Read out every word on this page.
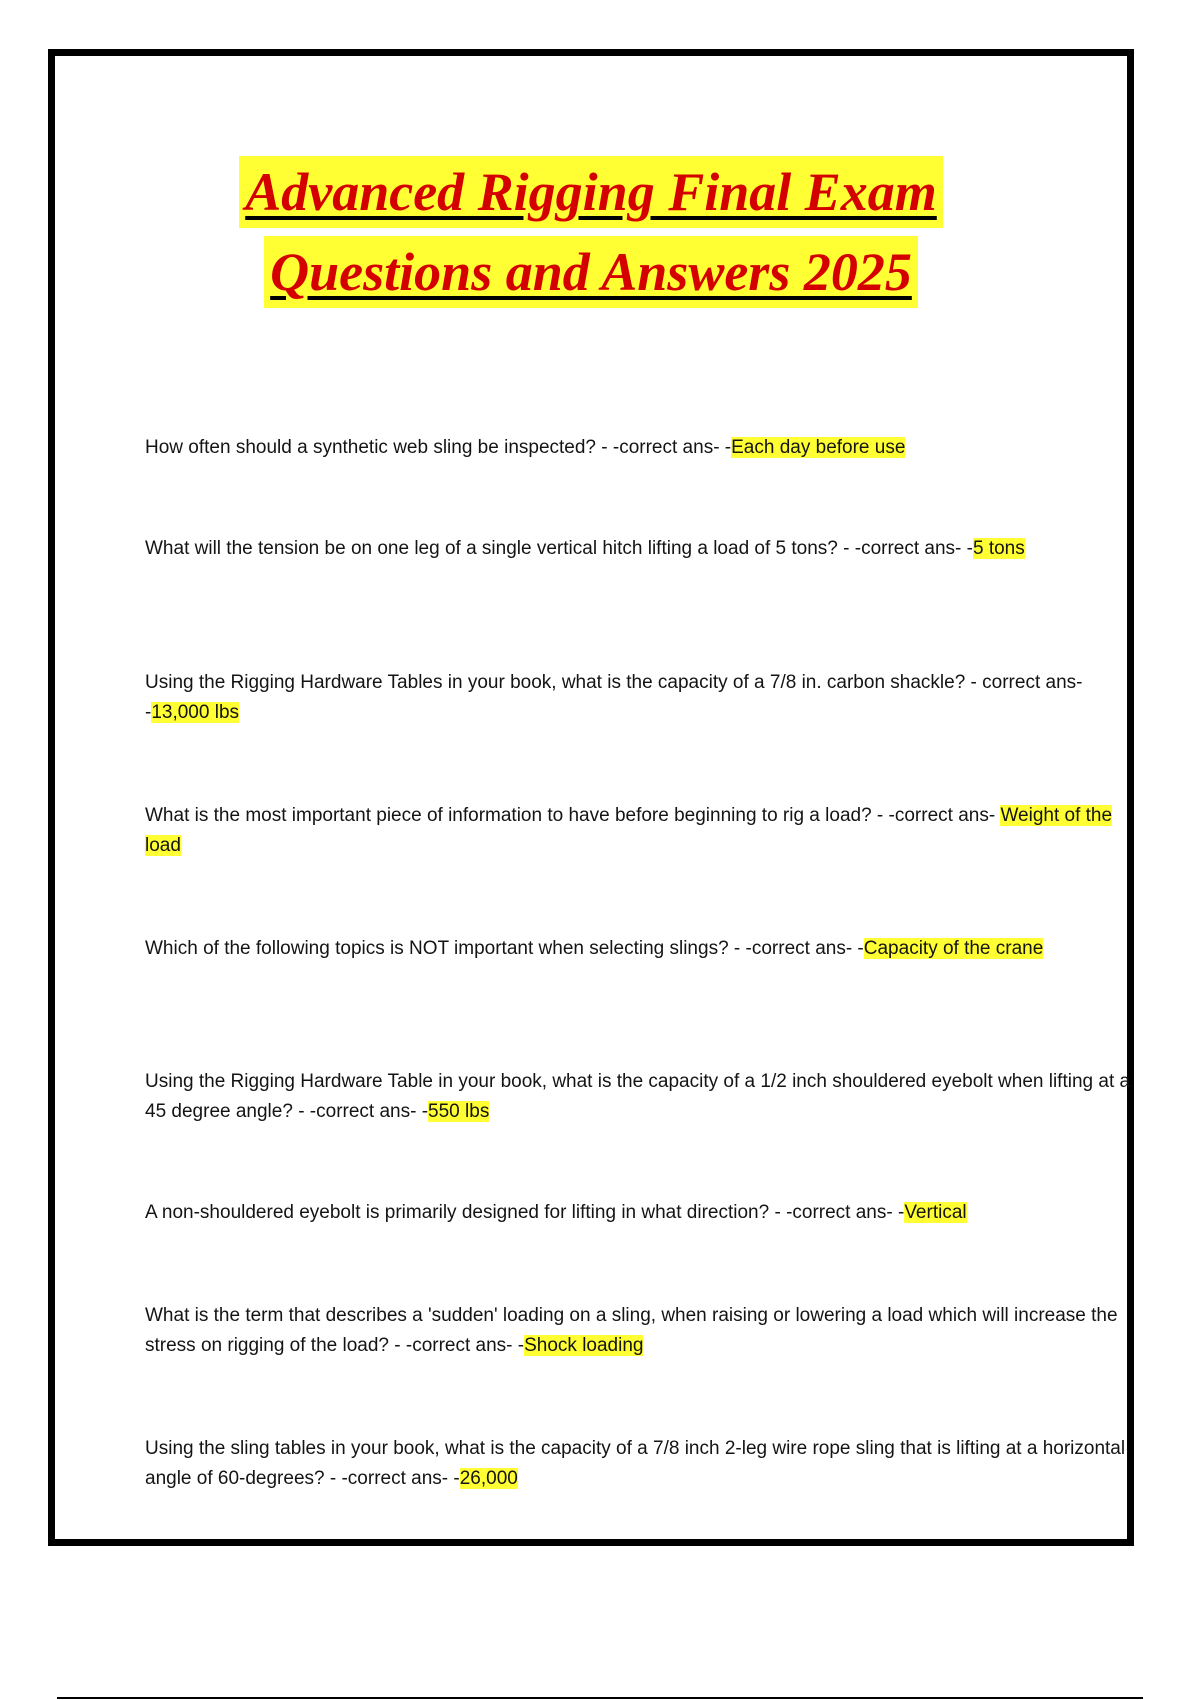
Advanced Rigging Final Exam
Questions and Answers 2025
How often should a synthetic web sling be inspected? - -correct ans- -Each day before use
What will the tension be on one leg of a single vertical hitch lifting a load of 5 tons? - -correct ans- -5 tons
Using the Rigging Hardware Tables in your book, what is the capacity of a 7/8 in. carbon shackle? - correct ans- -13,000 lbs
What is the most important piece of information to have before beginning to rig a load? - -correct ans- Weight of the load
Which of the following topics is NOT important when selecting slings? - -correct ans- -Capacity of the crane
Using the Rigging Hardware Table in your book, what is the capacity of a 1/2 inch shouldered eyebolt when lifting at a 45 degree angle? - -correct ans- -550 lbs
A non-shouldered eyebolt is primarily designed for lifting in what direction? - -correct ans- -Vertical
What is the term that describes a 'sudden' loading on a sling, when raising or lowering a load which will increase the stress on rigging of the load? - -correct ans- -Shock loading
Using the sling tables in your book, what is the capacity of a 7/8 inch 2-leg wire rope sling that is lifting at a horizontal angle of 60-degrees? - -correct ans- -26,000
